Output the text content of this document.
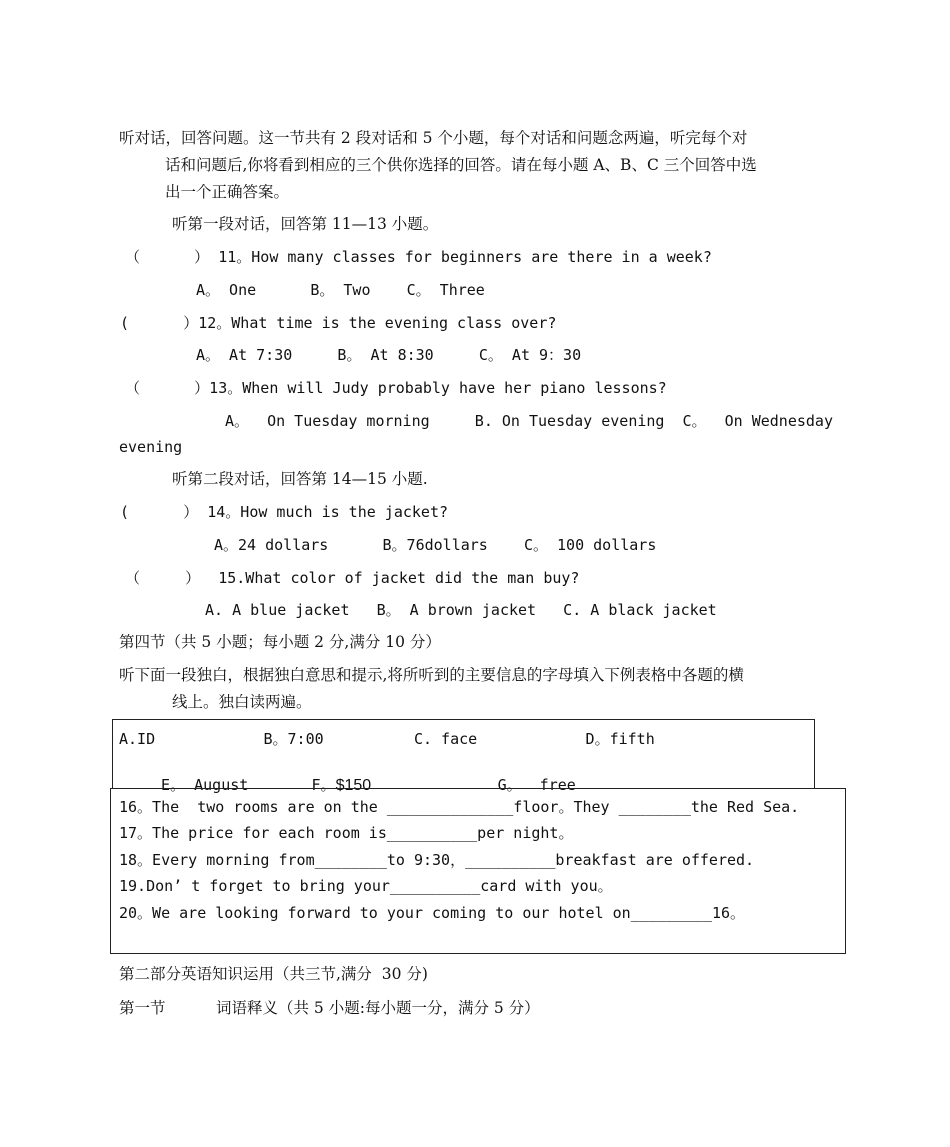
听对话，回答问题。这一节共有 2 段对话和 5 个小题，每个对话和问题念两遍，听完每个对
话和问题后,你将看到相应的三个供你选择的回答。请在每小题 A、B、C 三个回答中选
出一个正确答案。
听第一段对话，回答第 11—13 小题。
（      ） 11。How many classes for beginners are there in a week?
A。 One      B。 Two    C。 Three
(      ）12。What time is the evening class over?
A。 At 7:30     B。 At 8:30     C。 At 9：30
（      ）13。When will Judy probably have her piano lessons?
A。  On Tuesday morning     B. On Tuesday evening  C。  On Wednesday
evening
听第二段对话，回答第 14—15 小题.
(      ） 14。How much is the jacket?
A。24 dollars      B。76dollars    C。 100 dollars
（     ）  15.What color of jacket did the man buy?
A. A blue jacket   B。 A brown jacket   C. A black jacket
第四节（共 5 小题；每小题 2 分,满分 10 分）
听下面一段独白，根据独白意思和提示,将所听到的主要信息的字母填入下例表格中各题的横
线上。独白读两遍。
A.ID            B。7:00          C. face            D。fifth

E。 August       F。$150	G。  free

16。The  two rooms are on the ______________floor。They ________the Red Sea.
17。The price for each room is__________per night。
18。Every morning from________to 9:30，__________breakfast are offered.
19.Don’ t forget to bring your__________card with you。
20。We are looking forward to your coming to our hotel on_________16。
第二部分英语知识运用（共三节,满分  30 分)
第一节	词语释义（共 5 小题:每小题一分，满分 5 分）
